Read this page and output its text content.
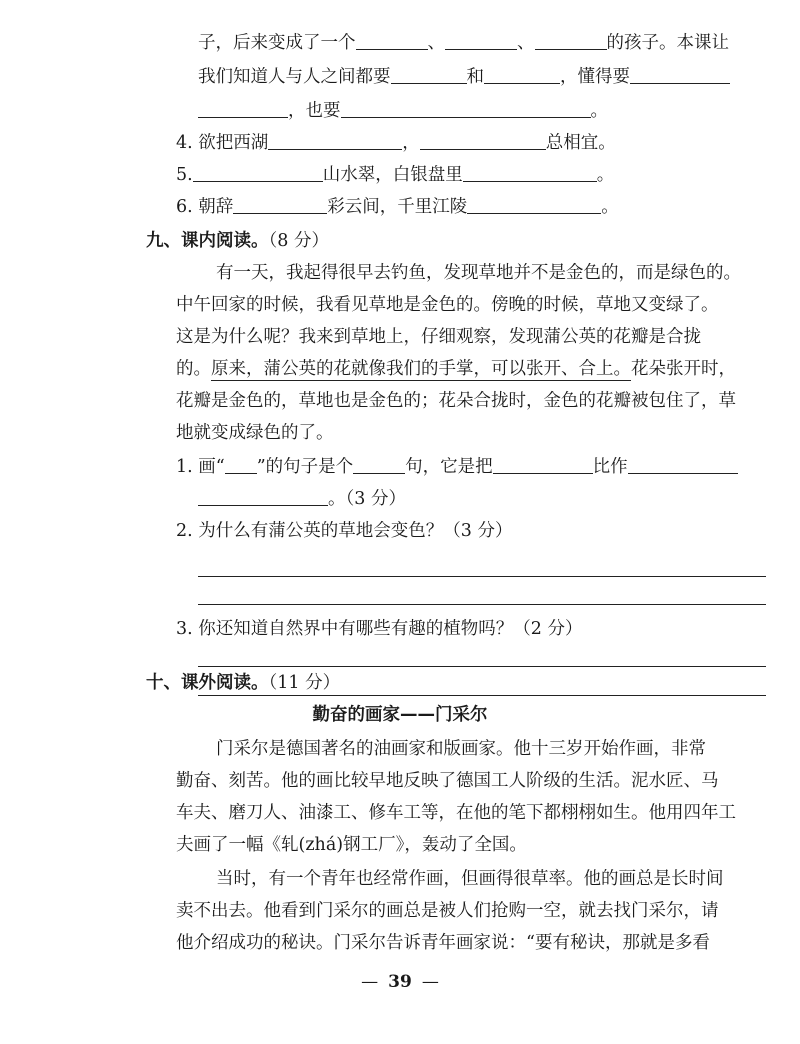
子，后来变成了一个	、	、	的孩子。本课让
我们知道人与人之间都要	和	，懂得要
，也要	。
4. 欲把西湖	，	总相宜。
5.	山水翠，白银盘里	。
6. 朝辞	彩云间，千里江陵	。
九、课内阅读。（8 分）
有一天，我起得很早去钓鱼，发现草地并不是金色的，而是绿色的。
中午回家的时候，我看见草地是金色的。傍晚的时候，草地又变绿了。
这是为什么呢？我来到草地上，仔细观察，发现蒲公英的花瓣是合拢
的。原来，蒲公英的花就像我们的手掌，可以张开、合上。花朵张开时，
花瓣是金色的，草地也是金色的；花朵合拢时，金色的花瓣被包住了，草
地就变成绿色的了。
1. 画“ ”的句子是个	句，它是把	比作
。（3 分）
2. 为什么有蒲公英的草地会变色？（3 分）
3. 你还知道自然界中有哪些有趣的植物吗？（2 分）
十、课外阅读。（11 分）
勤奋的画家——门采尔
门采尔是德国著名的油画家和版画家。他十三岁开始作画，非常
勤奋、刻苦。他的画比较早地反映了德国工人阶级的生活。泥水匠、马
车夫、磨刀人、油漆工、修车工等，在他的笔下都栩栩如生。他用四年工
夫画了一幅《轧(zhá)钢工厂》，轰动了全国。
当时，有一个青年也经常作画，但画得很草率。他的画总是长时间
卖不出去。他看到门采尔的画总是被人们抢购一空，就去找门采尔，请
他介绍成功的秘诀。门采尔告诉青年画家说：“要有秘诀，那就是多看
— 39 —
